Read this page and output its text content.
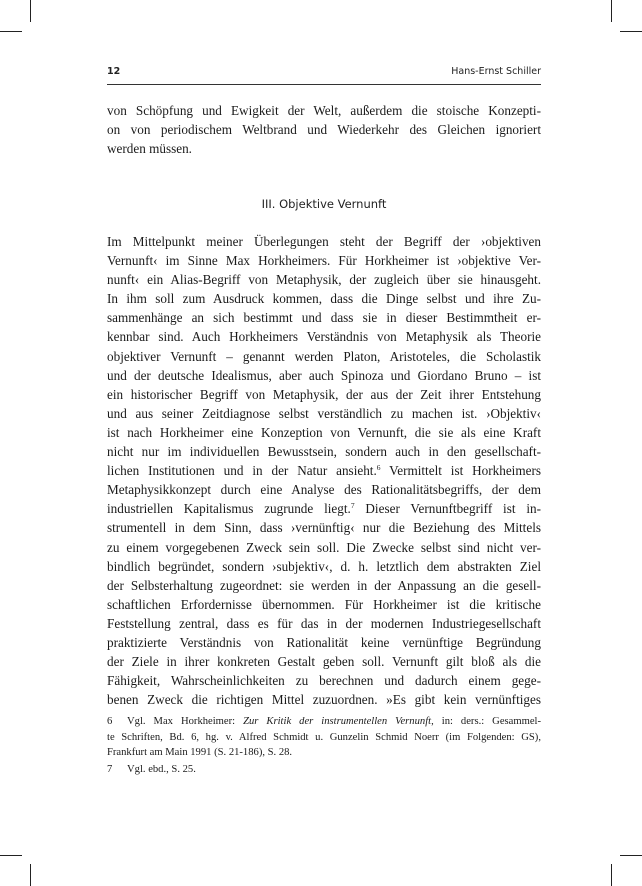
12	Hans-Ernst Schiller
von Schöpfung und Ewigkeit der Welt, außerdem die stoische Konzepti-
on von periodischem Weltbrand und Wiederkehr des Gleichen ignoriert
werden müssen.
III. Objektive Vernunft
Im Mittelpunkt meiner Überlegungen steht der Begriff der ›objektiven
Vernunft‹ im Sinne Max Horkheimers. Für Horkheimer ist ›objektive Ver-
nunft‹ ein Alias-Begriff von Metaphysik, der zugleich über sie hinausgeht.
In ihm soll zum Ausdruck kommen, dass die Dinge selbst und ihre Zu-
sammenhänge an sich bestimmt und dass sie in dieser Bestimmtheit er-
kennbar sind. Auch Horkheimers Verständnis von Metaphysik als Theorie
objektiver Vernunft – genannt werden Platon, Aristoteles, die Scholastik
und der deutsche Idealismus, aber auch Spinoza und Giordano Bruno – ist
ein historischer Begriff von Metaphysik, der aus der Zeit ihrer Entstehung
und aus seiner Zeitdiagnose selbst verständlich zu machen ist. ›Objektiv‹
ist nach Horkheimer eine Konzeption von Vernunft, die sie als eine Kraft
nicht nur im individuellen Bewusstsein, sondern auch in den gesellschaft-
lichen Institutionen und in der Natur ansieht.$^6$ Vermittelt ist Horkheimers
Metaphysikkonzept durch eine Analyse des Rationalitätsbegriffs, der dem
industriellen Kapitalismus zugrunde liegt.$^7$ Dieser Vernunftbegriff ist in-
strumentell in dem Sinn, dass ›vernünftig‹ nur die Beziehung des Mittels
zu einem vorgegebenen Zweck sein soll. Die Zwecke selbst sind nicht ver-
bindlich begründet, sondern ›subjektiv‹, d. h. letztlich dem abstrakten Ziel
der Selbsterhaltung zugeordnet: sie werden in der Anpassung an die gesell-
schaftlichen Erfordernisse übernommen. Für Horkheimer ist die kritische
Feststellung zentral, dass es für das in der modernen Industriegesellschaft
praktizierte Verständnis von Rationalität keine vernünftige Begründung
der Ziele in ihrer konkreten Gestalt geben soll. Vernunft gilt bloß als die
Fähigkeit, Wahrscheinlichkeiten zu berechnen und dadurch einem gege-
benen Zweck die richtigen Mittel zuzuordnen. »Es gibt kein vernünftiges
6 Vgl. Max Horkheimer: Zur Kritik der instrumentellen Vernunft, in: ders.: Gesammel-
te Schriften, Bd. 6, hg. v. Alfred Schmidt u. Gunzelin Schmid Noerr (im Folgenden: GS),
Frankfurt am Main 1991 (S. 21-186), S. 28.
7 Vgl. ebd., S. 25.
